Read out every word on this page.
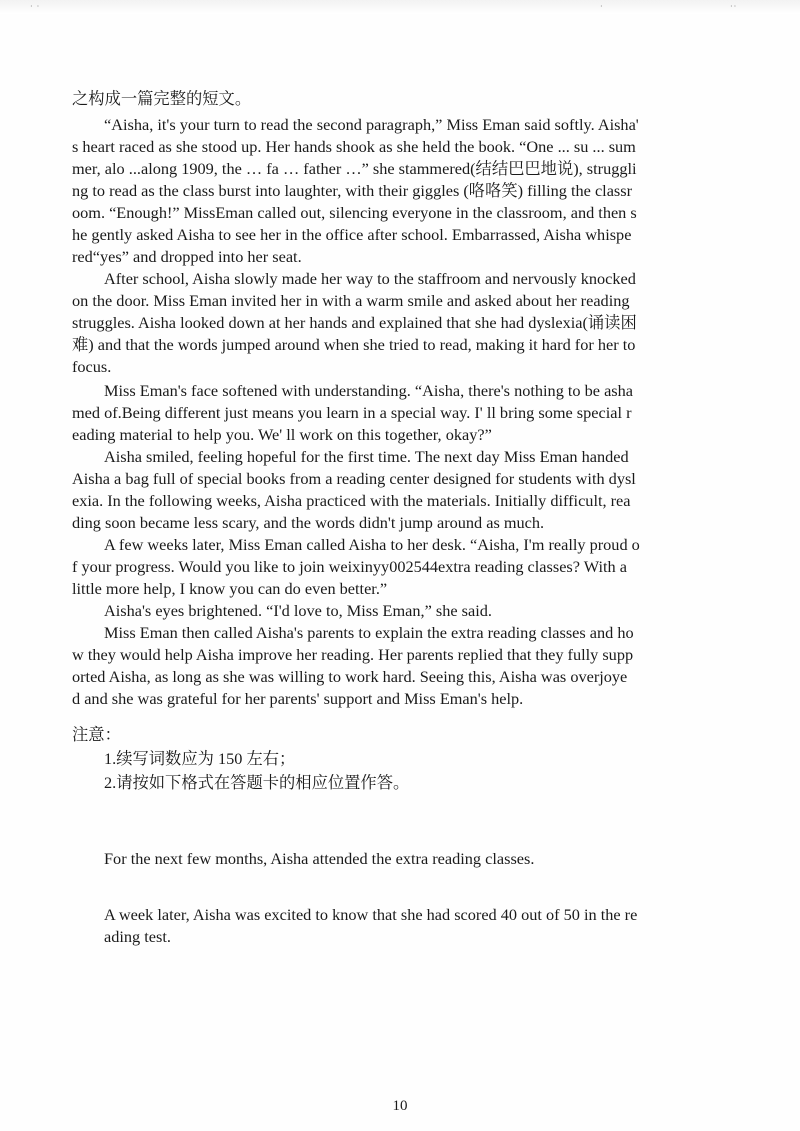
之构成一篇完整的短文。
“Aisha, it's your turn to read the second paragraph,” Miss Eman said softly. Aisha'
s heart raced as she stood up. Her hands shook as she held the book. “One ... su ... sum
mer, alo ...along 1909, the … fa … father …” she stammered(结结巴巴地说), struggli
ng to read as the class burst into laughter, with their giggles (咯咯笑) filling the classr
oom. “Enough!” MissEman called out, silencing everyone in the classroom, and then s
he gently asked Aisha to see her in the office after school. Embarrassed, Aisha whispe
red“yes” and dropped into her seat.
After school, Aisha slowly made her way to the staffroom and nervously knocked
on the door. Miss Eman invited her in with a warm smile and asked about her reading
struggles. Aisha looked down at her hands and explained that she had dyslexia(诵读困
难) and that the words jumped around when she tried to read, making it hard for her to
focus.
Miss Eman's face softened with understanding. “Aisha, there's nothing to be asha
med of.Being different just means you learn in a special way. I' ll bring some special r
eading material to help you. We' ll work on this together, okay?”
Aisha smiled, feeling hopeful for the first time. The next day Miss Eman handed
Aisha a bag full of special books from a reading center designed for students with dysl
exia. In the following weeks, Aisha practiced with the materials. Initially difficult, rea
ding soon became less scary, and the words didn't jump around as much.
A few weeks later, Miss Eman called Aisha to her desk. “Aisha, I'm really proud o
f your progress. Would you like to join weixinyy002544extra reading classes? With a
little more help, I know you can do even better.”
Aisha's eyes brightened. “I'd love to, Miss Eman,” she said.
Miss Eman then called Aisha's parents to explain the extra reading classes and ho
w they would help Aisha improve her reading. Her parents replied that they fully supp
orted Aisha, as long as she was willing to work hard. Seeing this, Aisha was overjoye
d and she was grateful for her parents' support and Miss Eman's help.
注意：
1.续写词数应为 150 左右；
2.请按如下格式在答题卡的相应位置作答。
For the next few months, Aisha attended the extra reading classes.
A week later, Aisha was excited to know that she had scored 40 out of 50 in the re
ading test.
10
